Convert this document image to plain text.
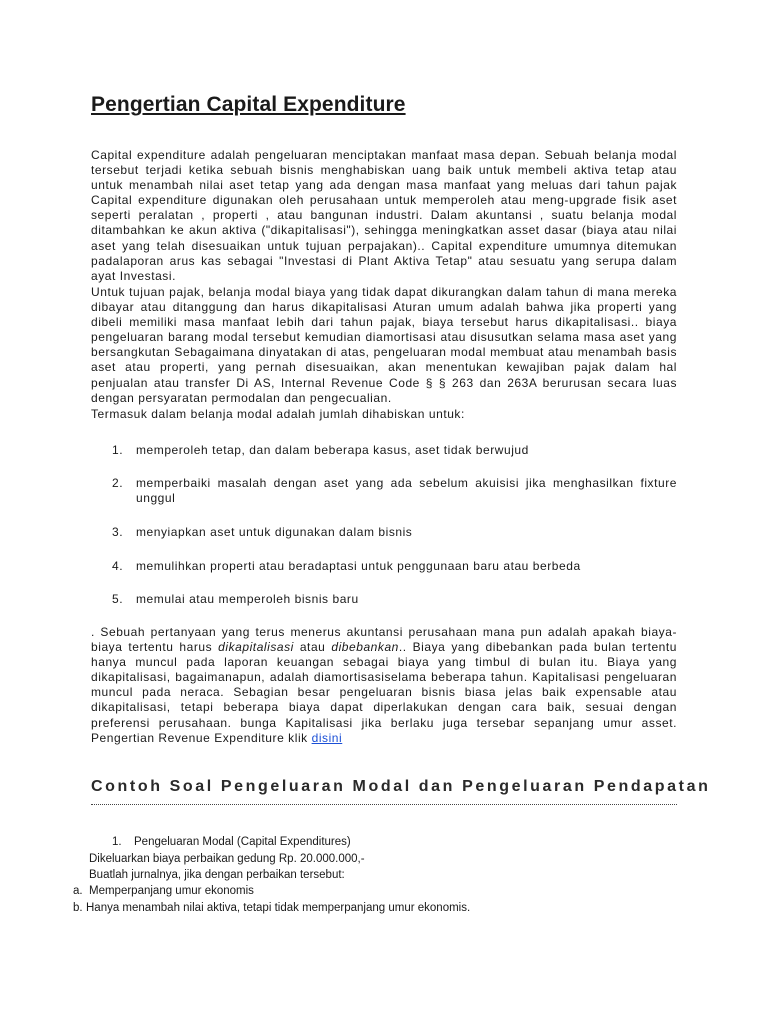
Pengertian Capital Expenditure

Capital expenditure adalah pengeluaran menciptakan manfaat masa depan. Sebuah belanja modal tersebut terjadi ketika sebuah bisnis menghabiskan uang baik untuk membeli aktiva tetap atau untuk menambah nilai aset tetap yang ada dengan masa manfaat yang meluas dari tahun pajak Capital expenditure digunakan oleh perusahaan untuk memperoleh atau meng-upgrade fisik aset seperti peralatan , properti , atau bangunan industri. Dalam akuntansi , suatu belanja modal ditambahkan ke akun aktiva ("dikapitalisasi"), sehingga meningkatkan asset dasar (biaya atau nilai aset yang telah disesuaikan untuk tujuan perpajakan).. Capital expenditure umumnya ditemukan padalaporan arus kas sebagai "Investasi di Plant Aktiva Tetap" atau sesuatu yang serupa dalam ayat Investasi.

Untuk tujuan pajak, belanja modal biaya yang tidak dapat dikurangkan dalam tahun di mana mereka dibayar atau ditanggung dan harus dikapitalisasi Aturan umum adalah bahwa jika properti yang dibeli memiliki masa manfaat lebih dari tahun pajak, biaya tersebut harus dikapitalisasi.. biaya pengeluaran barang modal tersebut kemudian diamortisasi atau disusutkan selama masa aset yang bersangkutan Sebagaimana dinyatakan di atas, pengeluaran modal membuat atau menambah basis aset atau properti, yang pernah disesuaikan, akan menentukan kewajiban pajak dalam hal penjualan atau transfer Di AS, Internal Revenue Code § § 263 dan 263A berurusan secara luas dengan persyaratan permodalan dan pengecualian.

Termasuk dalam belanja modal adalah jumlah dihabiskan untuk:

1. memperoleh tetap, dan dalam beberapa kasus, aset tidak berwujud
2. memperbaiki masalah dengan aset yang ada sebelum akuisisi jika menghasilkan fixture unggul
3. menyiapkan aset untuk digunakan dalam bisnis
4. memulihkan properti atau beradaptasi untuk penggunaan baru atau berbeda
5. memulai atau memperoleh bisnis baru

. Sebuah pertanyaan yang terus menerus akuntansi perusahaan mana pun adalah apakah biaya-biaya tertentu harus dikapitalisasi atau dibebankan.. Biaya yang dibebankan pada bulan tertentu hanya muncul pada laporan keuangan sebagai biaya yang timbul di bulan itu. Biaya yang dikapitalisasi, bagaimanapun, adalah diamortisasiselama beberapa tahun. Kapitalisasi pengeluaran muncul pada neraca. Sebagian besar pengeluaran bisnis biasa jelas baik expensable atau dikapitalisasi, tetapi beberapa biaya dapat diperlakukan dengan cara baik, sesuai dengan preferensi perusahaan. bunga Kapitalisasi jika berlaku juga tersebar sepanjang umur asset. Pengertian Revenue Expenditure klik disini

Contoh Soal Pengeluaran Modal dan Pengeluaran Pendapatan
1. Pengeluaran Modal (Capital Expenditures)
Dikeluarkan biaya perbaikan gedung Rp. 20.000.000,-
Buatlah jurnalnya, jika dengan perbaikan tersebut:
a. Memperpanjang umur ekonomis
b. Hanya menambah nilai aktiva, tetapi tidak memperpanjang umur ekonomis.
